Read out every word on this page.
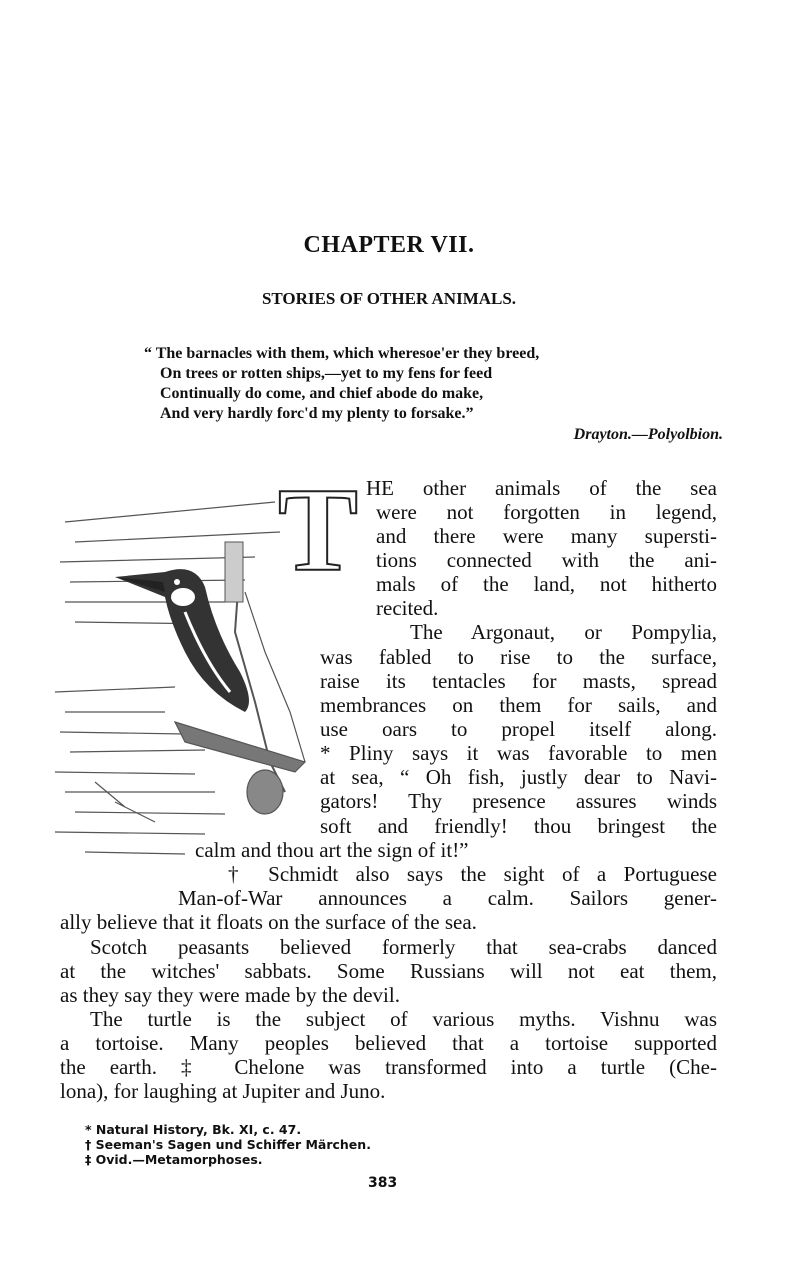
CHAPTER VII.
STORIES OF OTHER ANIMALS.
“ The barnacles with them, which wheresoe'er they breed,
On trees or rotten ships,—yet to my fens for feed
Continually do come, and chief abode do make,
And very hardly forc'd my plenty to forsake.”
Drayton.—Polyolbion.
T HE other animals of the sea
were not forgotten in legend,
and there were many supersti-
tions connected with the ani-
mals of the land, not hitherto
recited.
The Argonaut, or Pompylia,
was fabled to rise to the surface,
raise its tentacles for masts, spread
membrances on them for sails, and
use oars to propel itself along.
* Pliny says it was favorable to men
at sea, “ Oh fish, justly dear to Navi-
gators! Thy presence assures winds
soft and friendly! thou bringest the
calm and thou art the sign of it!”
† Schmidt also says the sight of a Portuguese
Man-of-War announces a calm. Sailors gener-
ally believe that it floats on the surface of the sea.
Scotch peasants believed formerly that sea-crabs danced
at the witches' sabbats. Some Russians will not eat them,
as they say they were made by the devil.
The turtle is the subject of various myths. Vishnu was
a tortoise. Many peoples believed that a tortoise supported
the earth. ‡ Chelone was transformed into a turtle (Che-
lona), for laughing at Jupiter and Juno.
* Natural History, Bk. XI, c. 47.
† Seeman's Sagen und Schiffer Märchen.
‡ Ovid.—Metamorphoses.
383
